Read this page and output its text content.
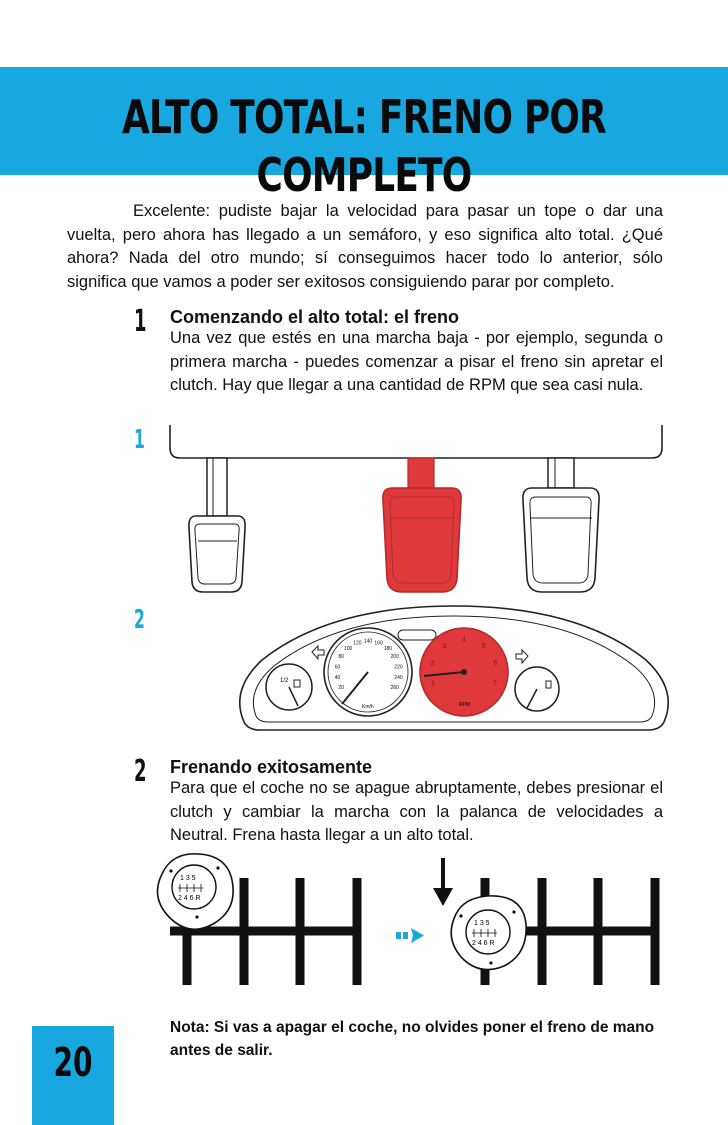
ALTO TOTAL: FRENO POR COMPLETO

Excelente: pudiste bajar la velocidad para pasar un tope o dar una vuelta, pero ahora has llegado a un semáforo, y eso significa alto total. ¿Qué ahora? Nada del otro mundo; sí conseguimos hacer todo lo anterior, sólo significa que vamos a poder ser exitosos consiguiendo parar por completo.

1 Comenzando el alto total: el freno

Una vez que estés en una marcha baja - por ejemplo, segunda o primera marcha - puedes comenzar a pisar el freno sin apretar el clutch. Hay que llegar a una cantidad de RPM que sea casi nula.

1
2
1/2
20
40
60
80
100
120 140 160
180
200
220
240
260
Km/h
1
2
3
4
5
6
7
RPM
2 Frenando exitosamente

Para que el coche no se apague abruptamente, debes presionar el clutch y cambiar la marcha con la palanca de velocidades a Neutral. Frena hasta llegar a un alto total.

1 3 5
2 4 6 R
1 3 5
2 4 6 R

Nota: Si vas a apagar el coche, no olvides poner el freno de mano antes de salir.

20
